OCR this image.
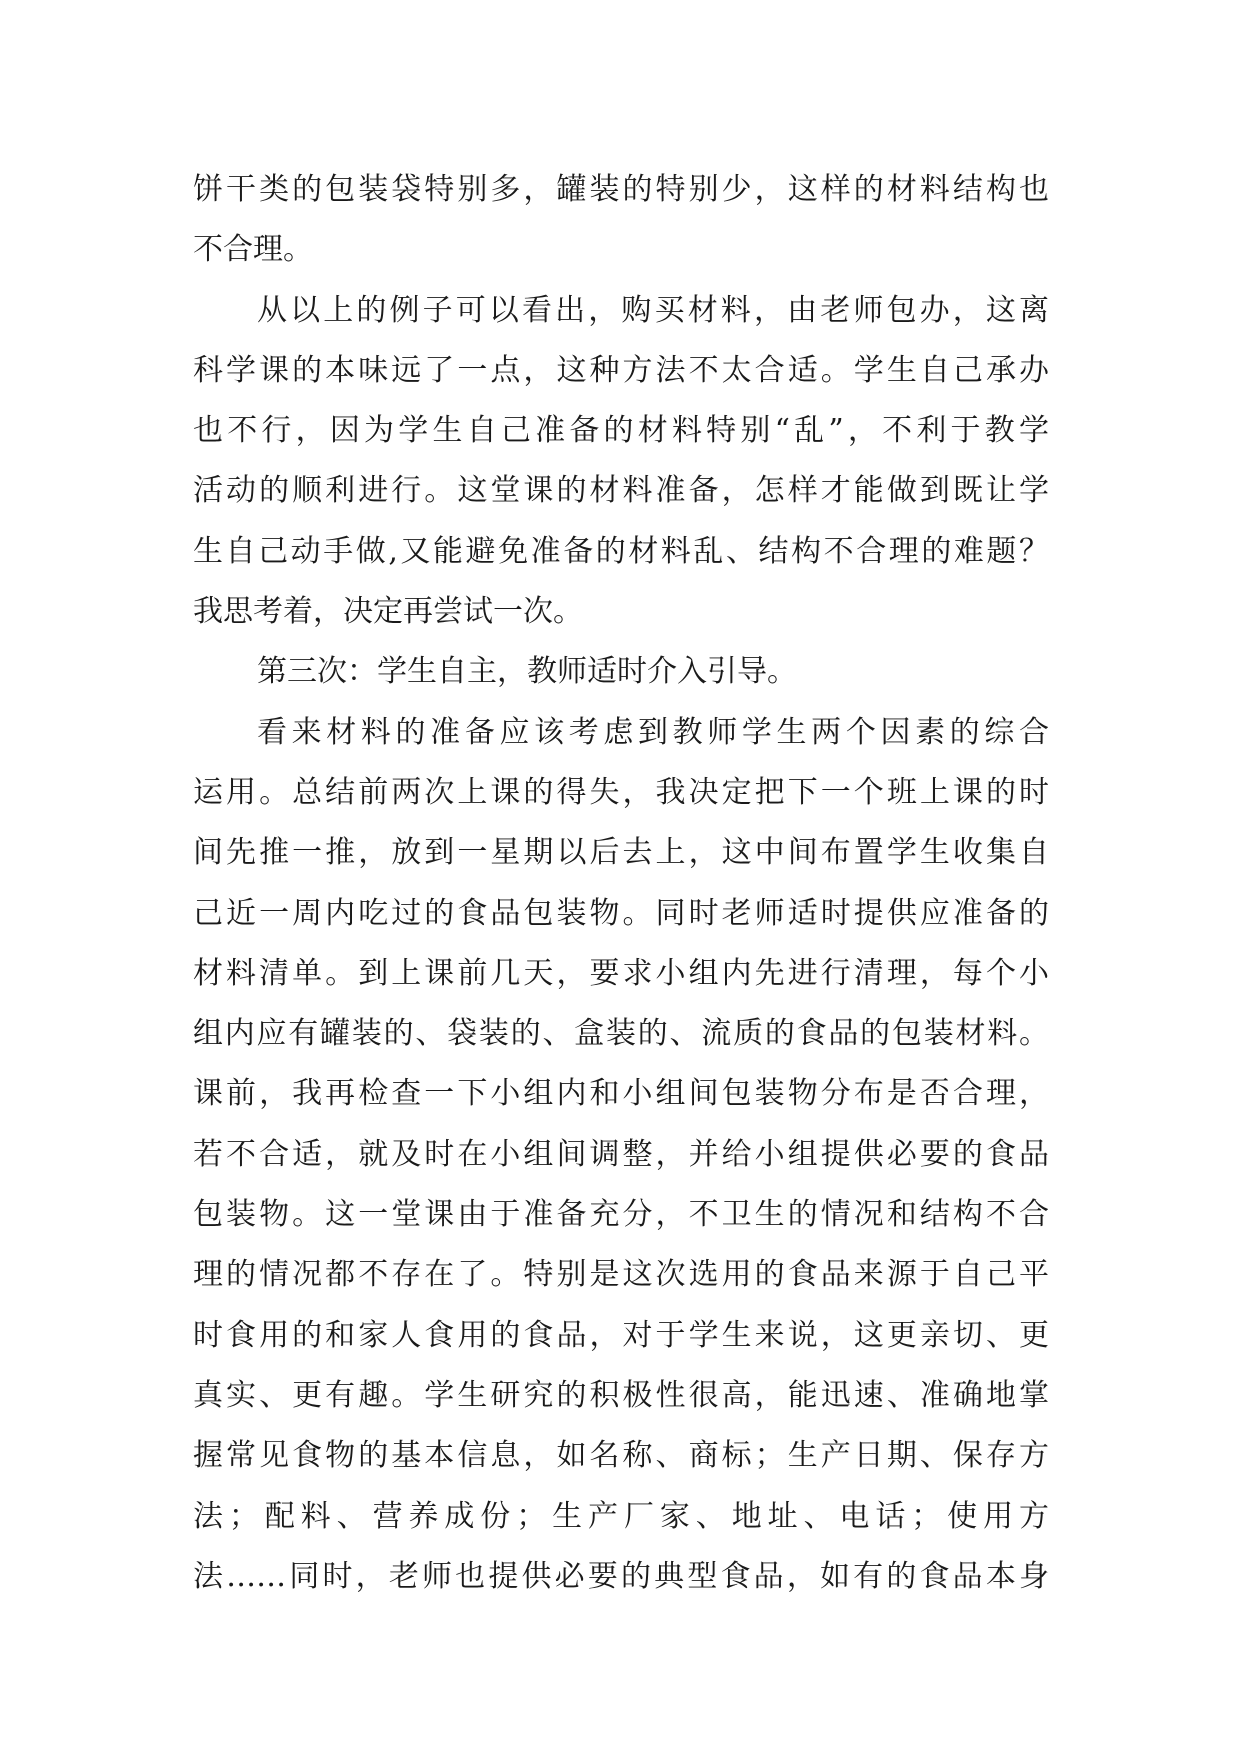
饼干类的包装袋特别多，罐装的特别少，这样的材料结构也
不合理。
从以上的例子可以看出，购买材料，由老师包办，这离
科学课的本味远了一点，这种方法不太合适。学生自己承办
也不行，因为学生自己准备的材料特别“乱”，不利于教学
活动的顺利进行。这堂课的材料准备，怎样才能做到既让学
生自己动手做,又能避免准备的材料乱、结构不合理的难题？
我思考着，决定再尝试一次。
第三次：学生自主，教师适时介入引导。
看来材料的准备应该考虑到教师学生两个因素的综合
运用。总结前两次上课的得失，我决定把下一个班上课的时
间先推一推，放到一星期以后去上，这中间布置学生收集自
己近一周内吃过的食品包装物。同时老师适时提供应准备的
材料清单。到上课前几天，要求小组内先进行清理，每个小
组内应有罐装的、袋装的、盒装的、流质的食品的包装材料。
课前，我再检查一下小组内和小组间包装物分布是否合理，
若不合适，就及时在小组间调整，并给小组提供必要的食品
包装物。这一堂课由于准备充分，不卫生的情况和结构不合
理的情况都不存在了。特别是这次选用的食品来源于自己平
时食用的和家人食用的食品，对于学生来说，这更亲切、更
真实、更有趣。学生研究的积极性很高，能迅速、准确地掌
握常见食物的基本信息，如名称、商标；生产日期、保存方
法；配料、营养成份；生产厂家、地址、电话；使用方
法……同时，老师也提供必要的典型食品，如有的食品本身
